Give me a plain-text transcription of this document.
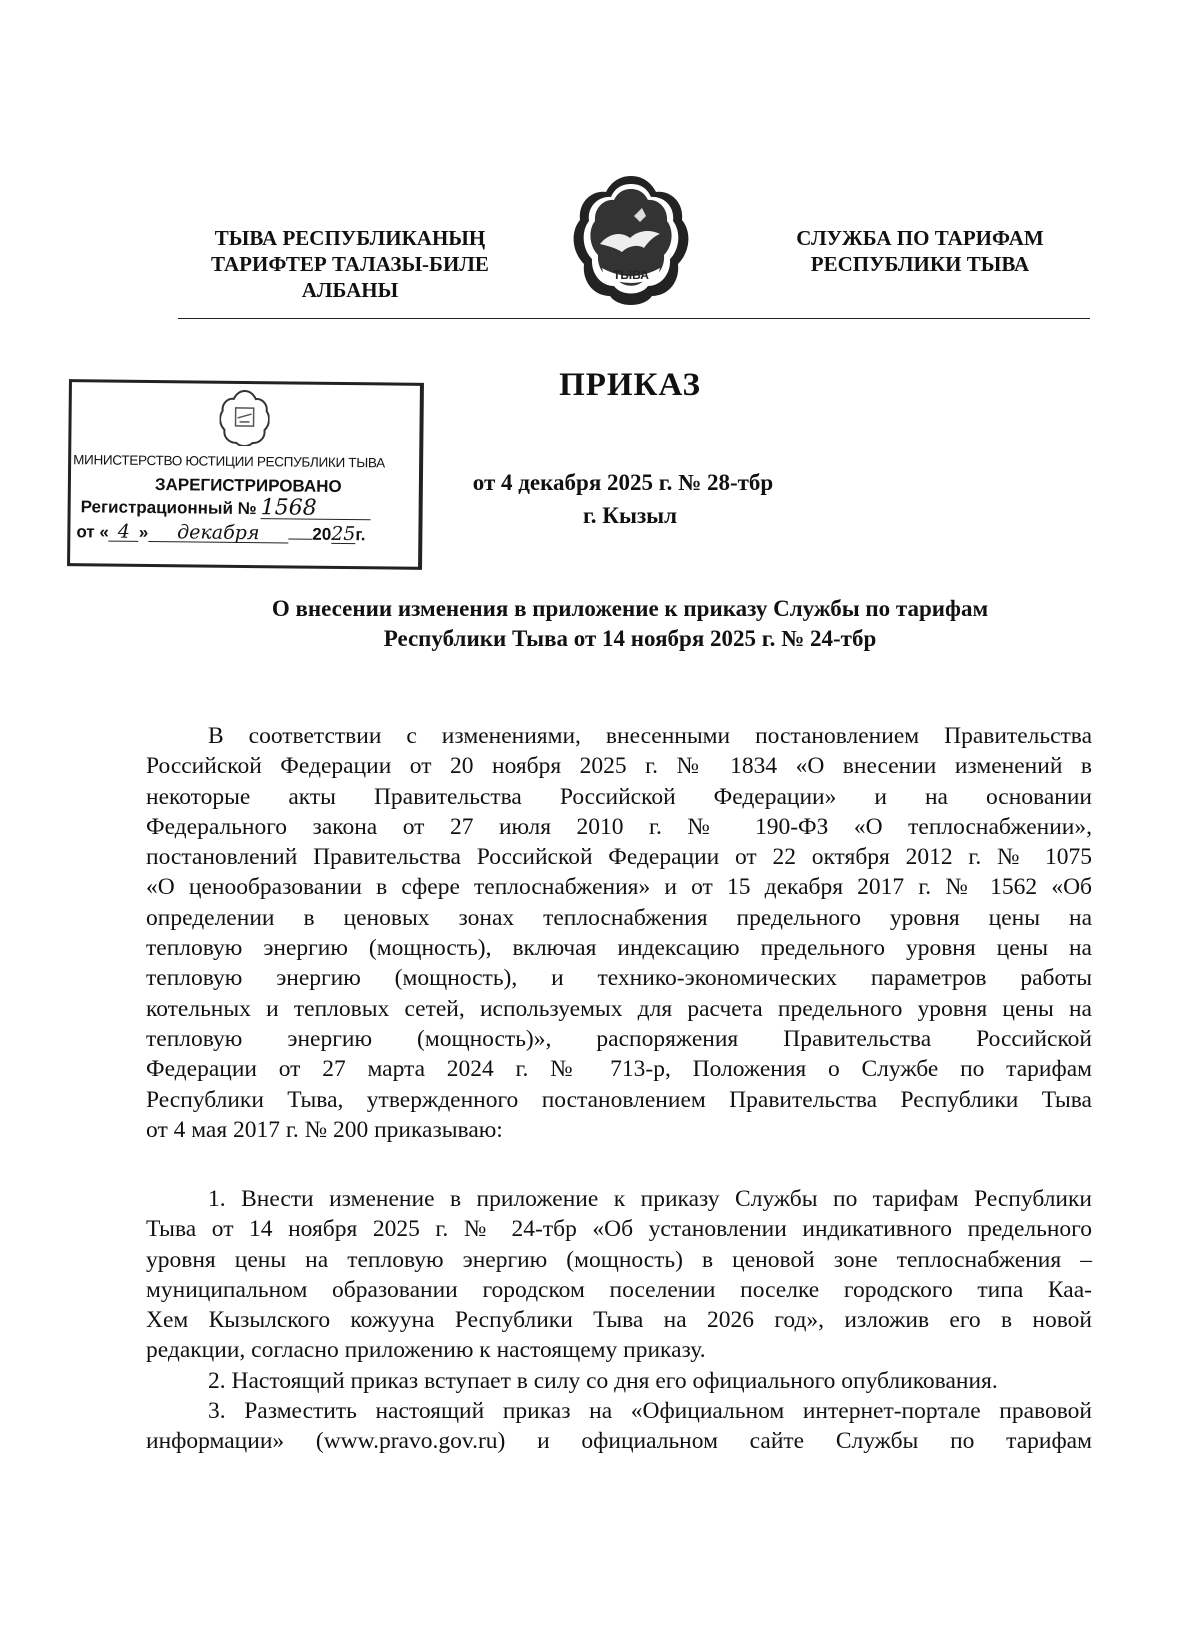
ТЫВА РЕСПУБЛИКАНЫҢ
ТАРИФТЕР ТАЛАЗЫ-БИЛЕ
АЛБАНЫ
ТЫВА
СЛУЖБА ПО ТАРИФАМ
РЕСПУБЛИКИ ТЫВА
МИНИСТЕРСТВО ЮСТИЦИИ РЕСПУБЛИКИ ТЫВА
ЗАРЕГИСТРИРОВАНО
Регистрационный № 1568
от « 4 » декабря	2025г.
ПРИКАЗ
от 4 декабря 2025 г. № 28-тбр
г. Кызыл
О внесении изменения в приложение к приказу Службы по тарифам
Республики Тыва от 14 ноября 2025 г. № 24-тбр
В соответствии с изменениями, внесенными постановлением Правительства
Российской Федерации от 20 ноября 2025 г. № 1834 «О внесении изменений в
некоторые акты Правительства Российской Федерации» и на основании
Федерального закона от 27 июля 2010 г. № 190-ФЗ «О теплоснабжении»,
постановлений Правительства Российской Федерации от 22 октября 2012 г. № 1075
«О ценообразовании в сфере теплоснабжения» и от 15 декабря 2017 г. № 1562 «Об
определении в ценовых зонах теплоснабжения предельного уровня цены на
тепловую энергию (мощность), включая индексацию предельного уровня цены на
тепловую энергию (мощность), и технико-экономических параметров работы
котельных и тепловых сетей, используемых для расчета предельного уровня цены на
тепловую энергию (мощность)», распоряжения Правительства Российской
Федерации от 27 марта 2024 г. № 713-р, Положения о Службе по тарифам
Республики Тыва, утвержденного постановлением Правительства Республики Тыва
от 4 мая 2017 г. № 200 приказываю:
1. Внести изменение в приложение к приказу Службы по тарифам Республики
Тыва от 14 ноября 2025 г. № 24-тбр «Об установлении индикативного предельного
уровня цены на тепловую энергию (мощность) в ценовой зоне теплоснабжения –
муниципальном образовании городском поселении поселке городского типа Каа-
Хем Кызылского кожууна Республики Тыва на 2026 год», изложив его в новой
редакции, согласно приложению к настоящему приказу.
2. Настоящий приказ вступает в силу со дня его официального опубликования.
3. Разместить настоящий приказ на «Официальном интернет-портале правовой
информации» (www.pravo.gov.ru) и официальном сайте Службы по тарифам
